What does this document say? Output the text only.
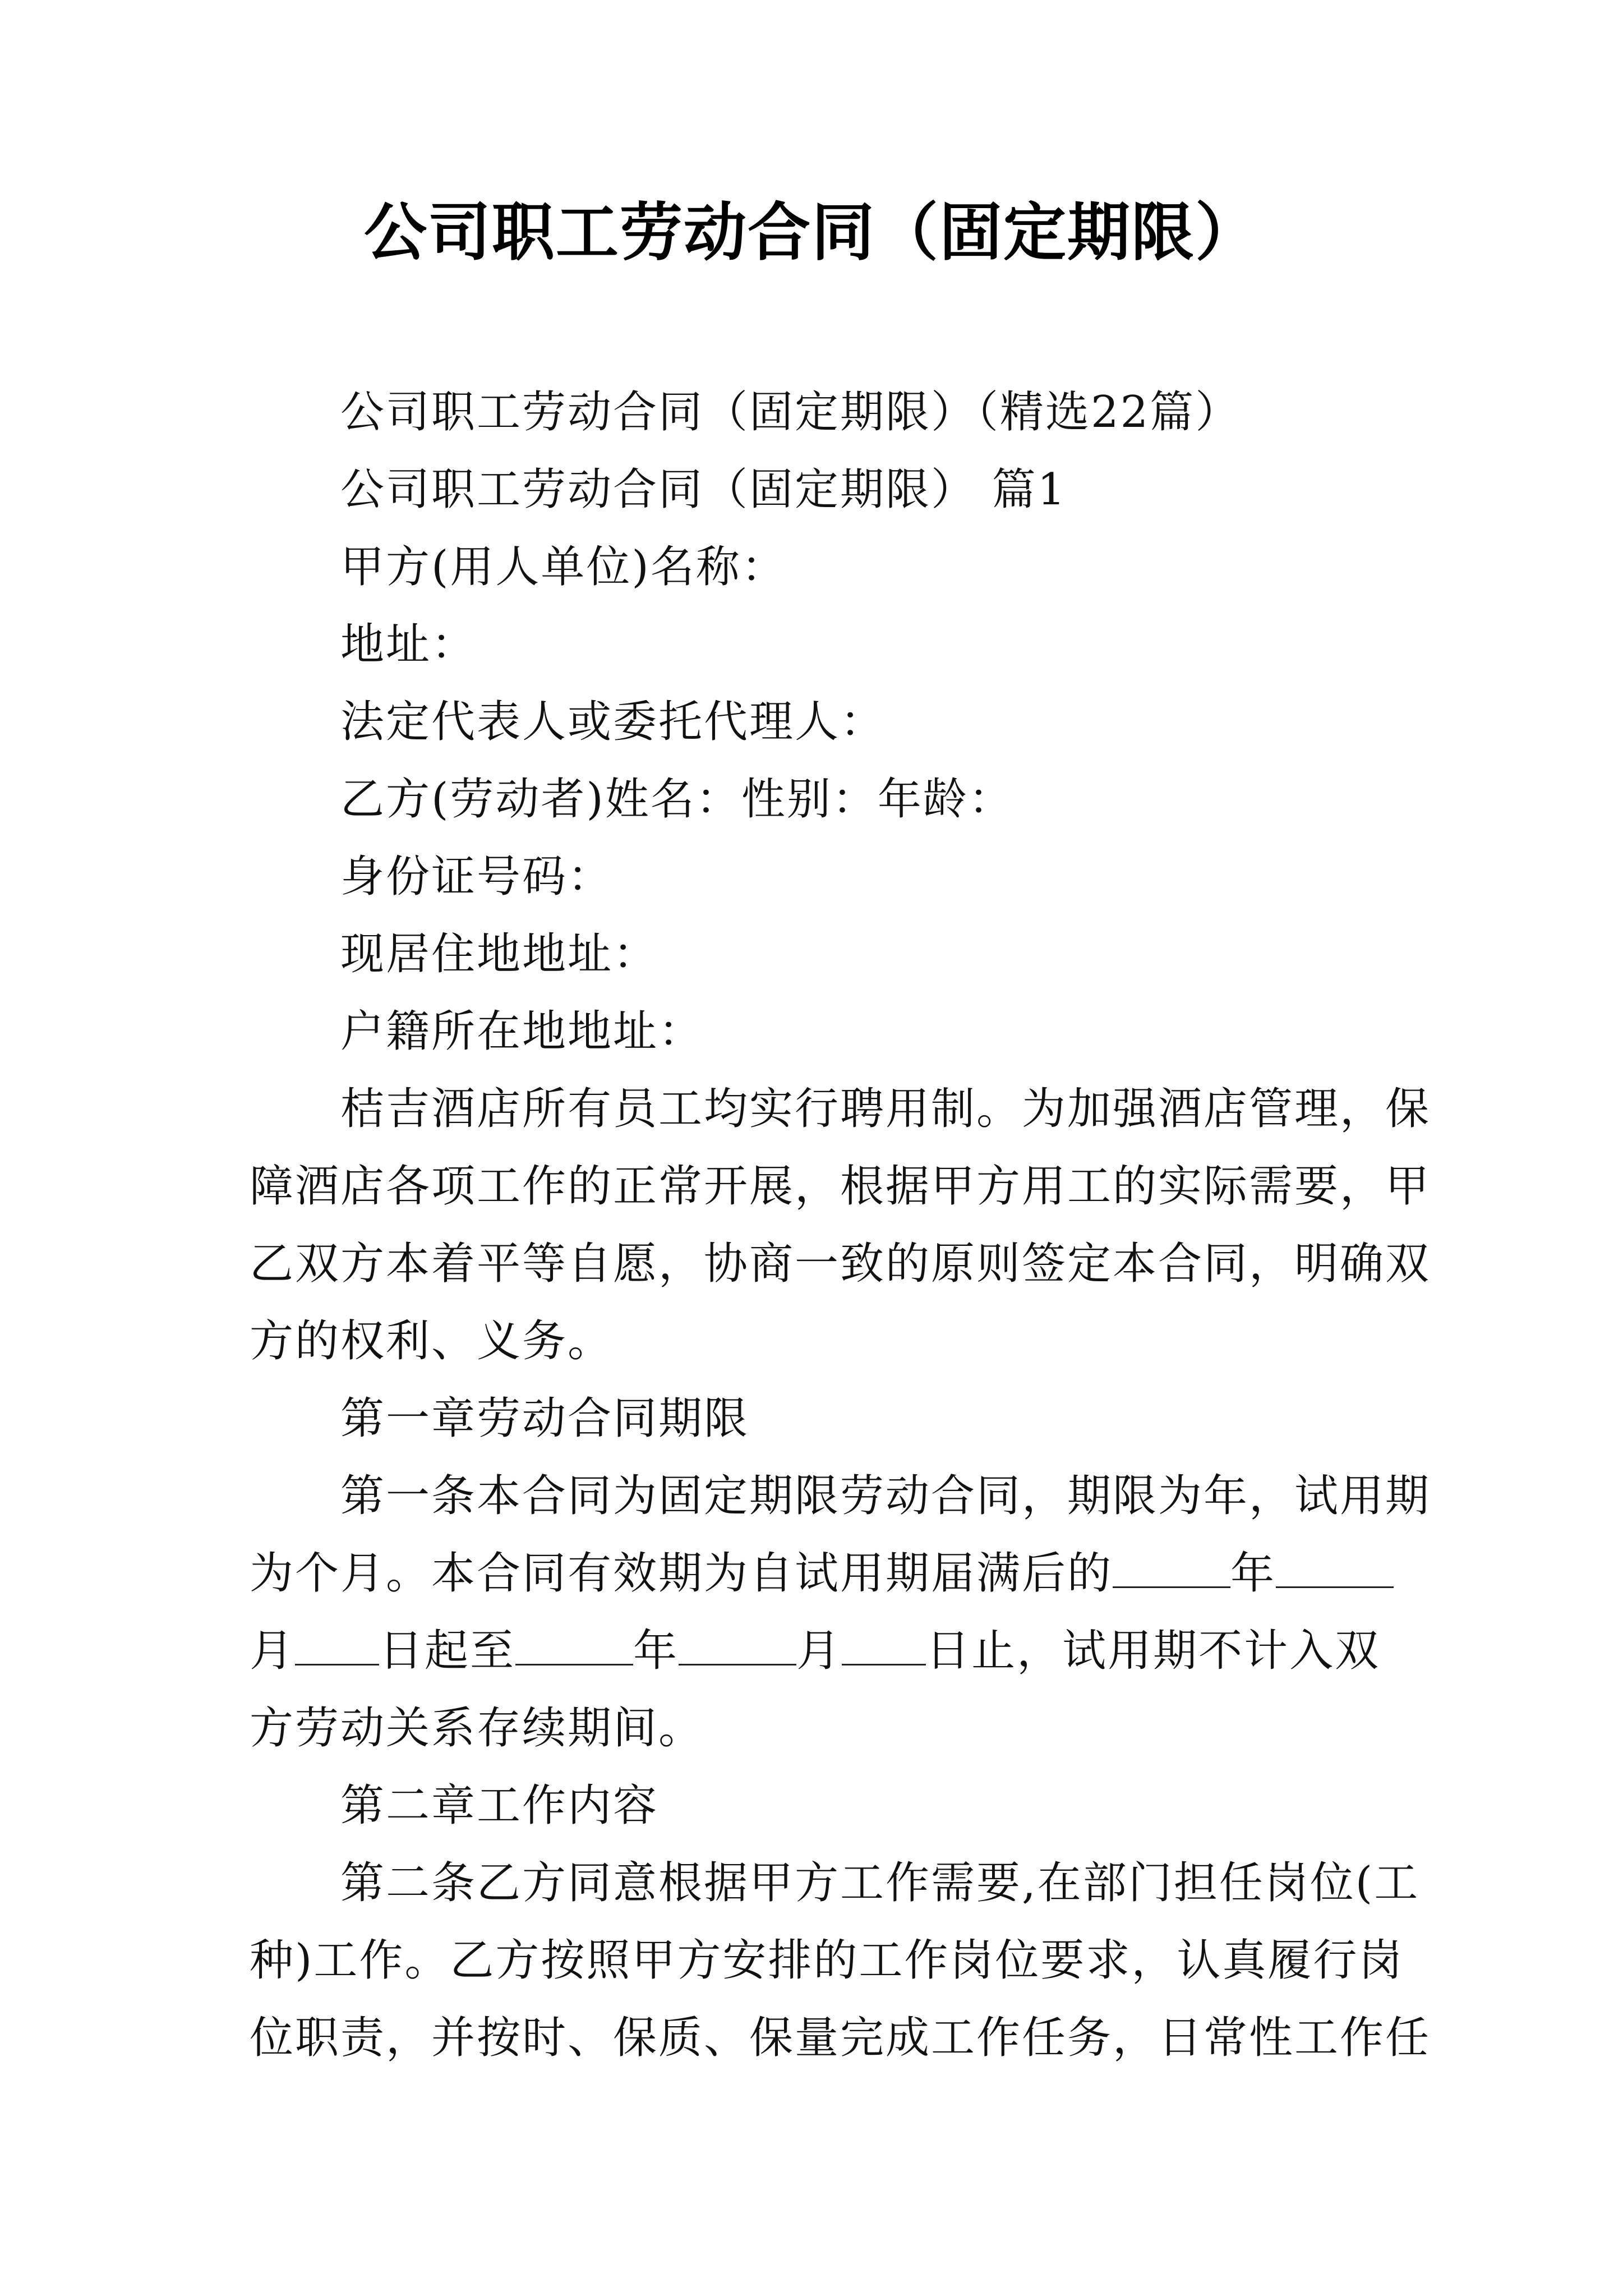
公司职工劳动合同（固定期限）

公司职工劳动合同（固定期限）（精选22篇）

公司职工劳动合同（固定期限） 篇1

甲方(用人单位)名称：

地址：

法定代表人或委托代理人：

乙方(劳动者)姓名：性别：年龄：

身份证号码：

现居住地地址：

户籍所在地地址：

桔吉酒店所有员工均实行聘用制。为加强酒店管理，保

障酒店各项工作的正常开展，根据甲方用工的实际需要，甲

乙双方本着平等自愿，协商一致的原则签定本合同，明确双

方的权利、义务。

第一章劳动合同期限

第一条本合同为固定期限劳动合同，期限为年，试用期

为个月。本合同有效期为自试用期届满后的	年

月 日起至	年	月 日止，试用期不计入双

方劳动关系存续期间。

第二章工作内容

第二条乙方同意根据甲方工作需要,在部门担任岗位(工

种)工作。乙方按照甲方安排的工作岗位要求，认真履行岗

位职责，并按时、保质、保量完成工作任务，日常性工作任
